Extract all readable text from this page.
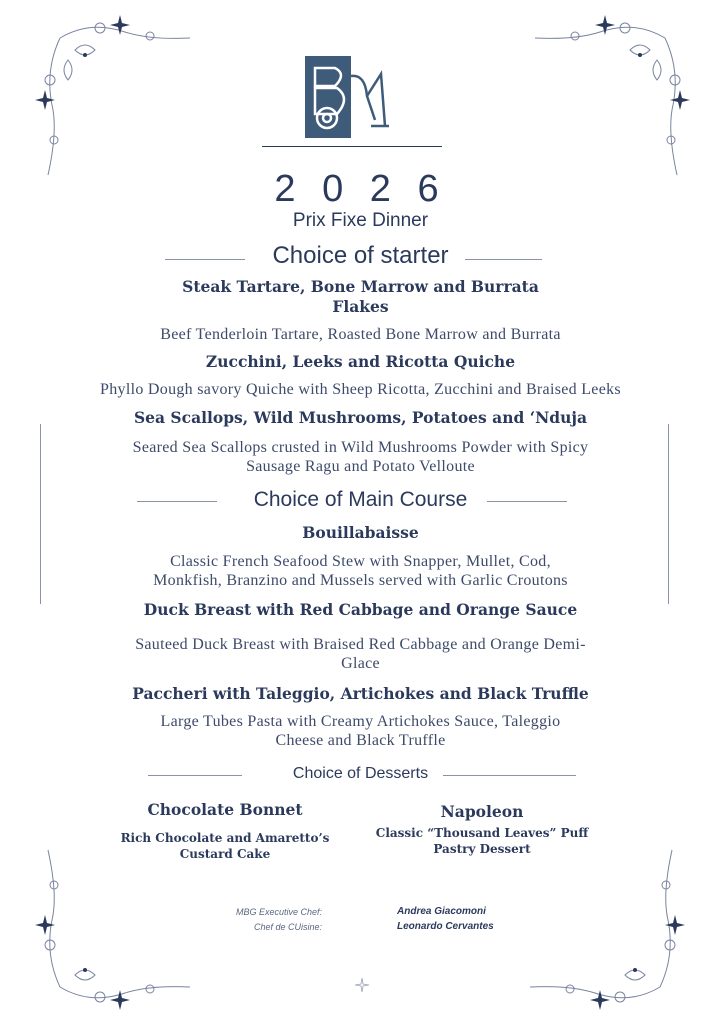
2 0 2 6
Prix Fixe Dinner
Choice of starter
Steak Tartare, Bone Marrow and Burrata
Flakes
Beef Tenderloin Tartare, Roasted Bone Marrow and Burrata
Zucchini, Leeks and Ricotta Quiche
Phyllo Dough savory Quiche with Sheep Ricotta, Zucchini and Braised Leeks
Sea Scallops, Wild Mushrooms, Potatoes and ‘Nduja
Seared Sea Scallops crusted in Wild Mushrooms Powder with Spicy
Sausage Ragu and Potato Velloute
Choice of Main Course
Bouillabaisse
Classic French Seafood Stew with Snapper, Mullet, Cod,
Monkfish, Branzino and Mussels served with Garlic Croutons
Duck Breast with Red Cabbage and Orange Sauce
Sauteed Duck Breast with Braised Red Cabbage and Orange Demi-
Glace
Paccheri with Taleggio, Artichokes and Black Truffle
Large Tubes Pasta with Creamy Artichokes Sauce, Taleggio
Cheese and Black Truffle
Choice of Desserts
Chocolate Bonnet
Rich Chocolate and Amaretto’s
Custard Cake
Napoleon
Classic “Thousand Leaves” Puff
Pastry Dessert
MBG Executive Chef:	Andrea Giacomoni
Chef de CUisine:	Leonardo Cervantes
